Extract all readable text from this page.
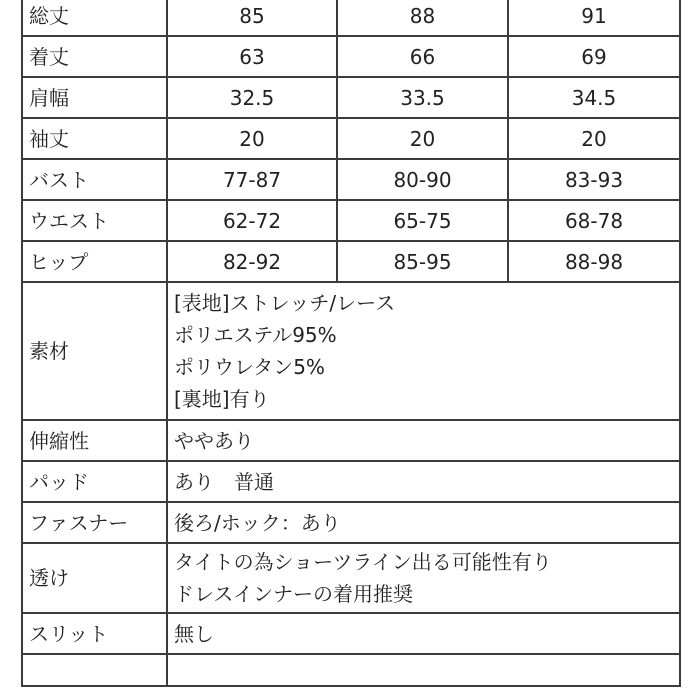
総丈	85	88	91
着丈	63	66	69
肩幅	32.5	33.5	34.5
袖丈	20	20	20
バスト	77-87	80-90	83-93
ウエスト	62-72	65-75	68-78
ヒップ	82-92	85-95	88-98
素材	[表地]ストレッチ/レース
ポリエステル95%
ポリウレタン5%
[裏地]有り		

伸縮性	ややあり		
パッド	あり　普通		
ファスナー	後ろ/ホック：あり		
透け	タイトの為ショーツライン出る可能性有り
ドレスインナーの着用推奨		

スリット	無し		
